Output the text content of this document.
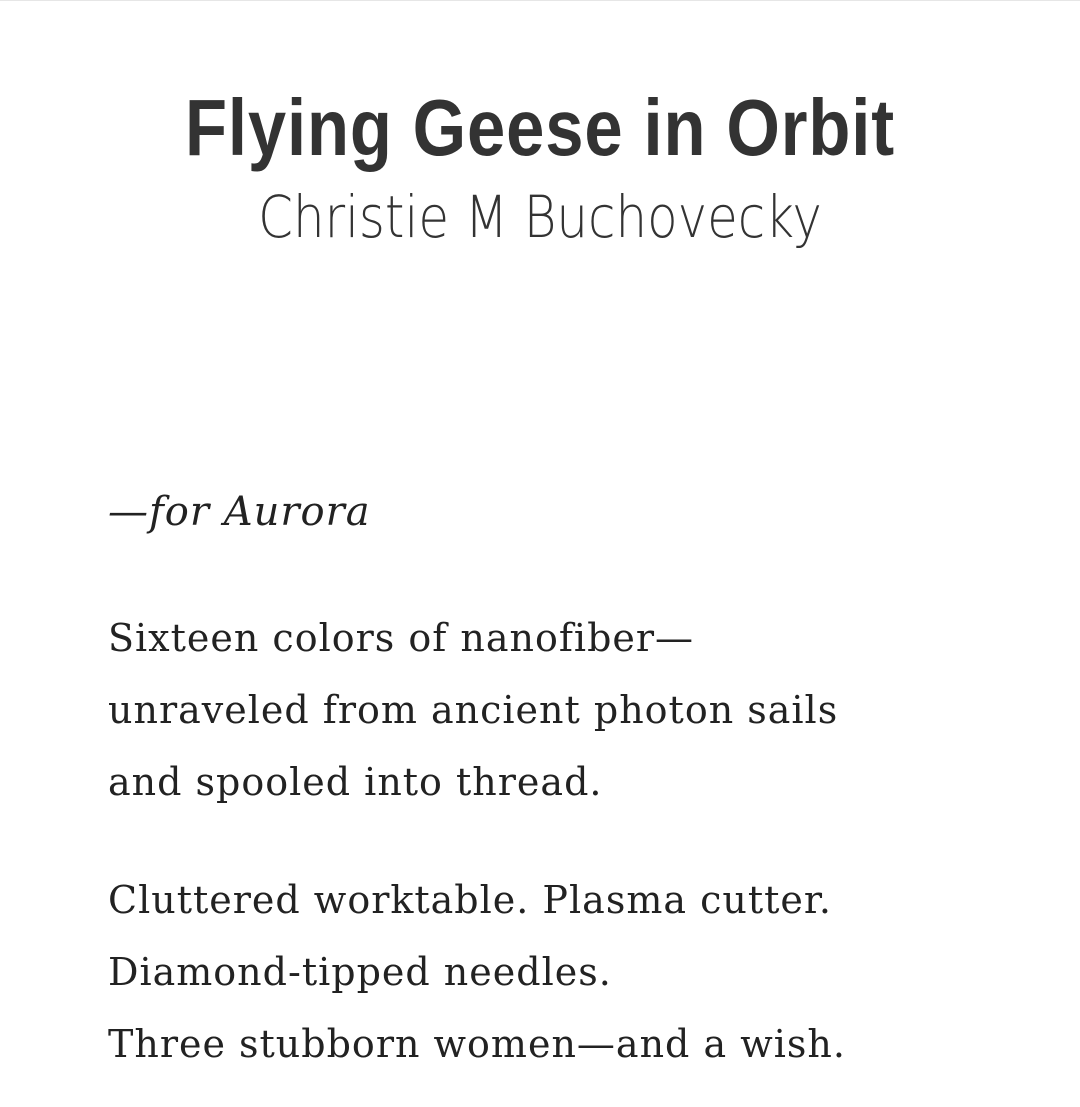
Flying Geese in Orbit
Christie M Buchovecky

—for Aurora

Sixteen colors of nanofiber—
unraveled from ancient photon sails
and spooled into thread.

Cluttered worktable. Plasma cutter.
Diamond-tipped needles.
Three stubborn women—and a wish.
